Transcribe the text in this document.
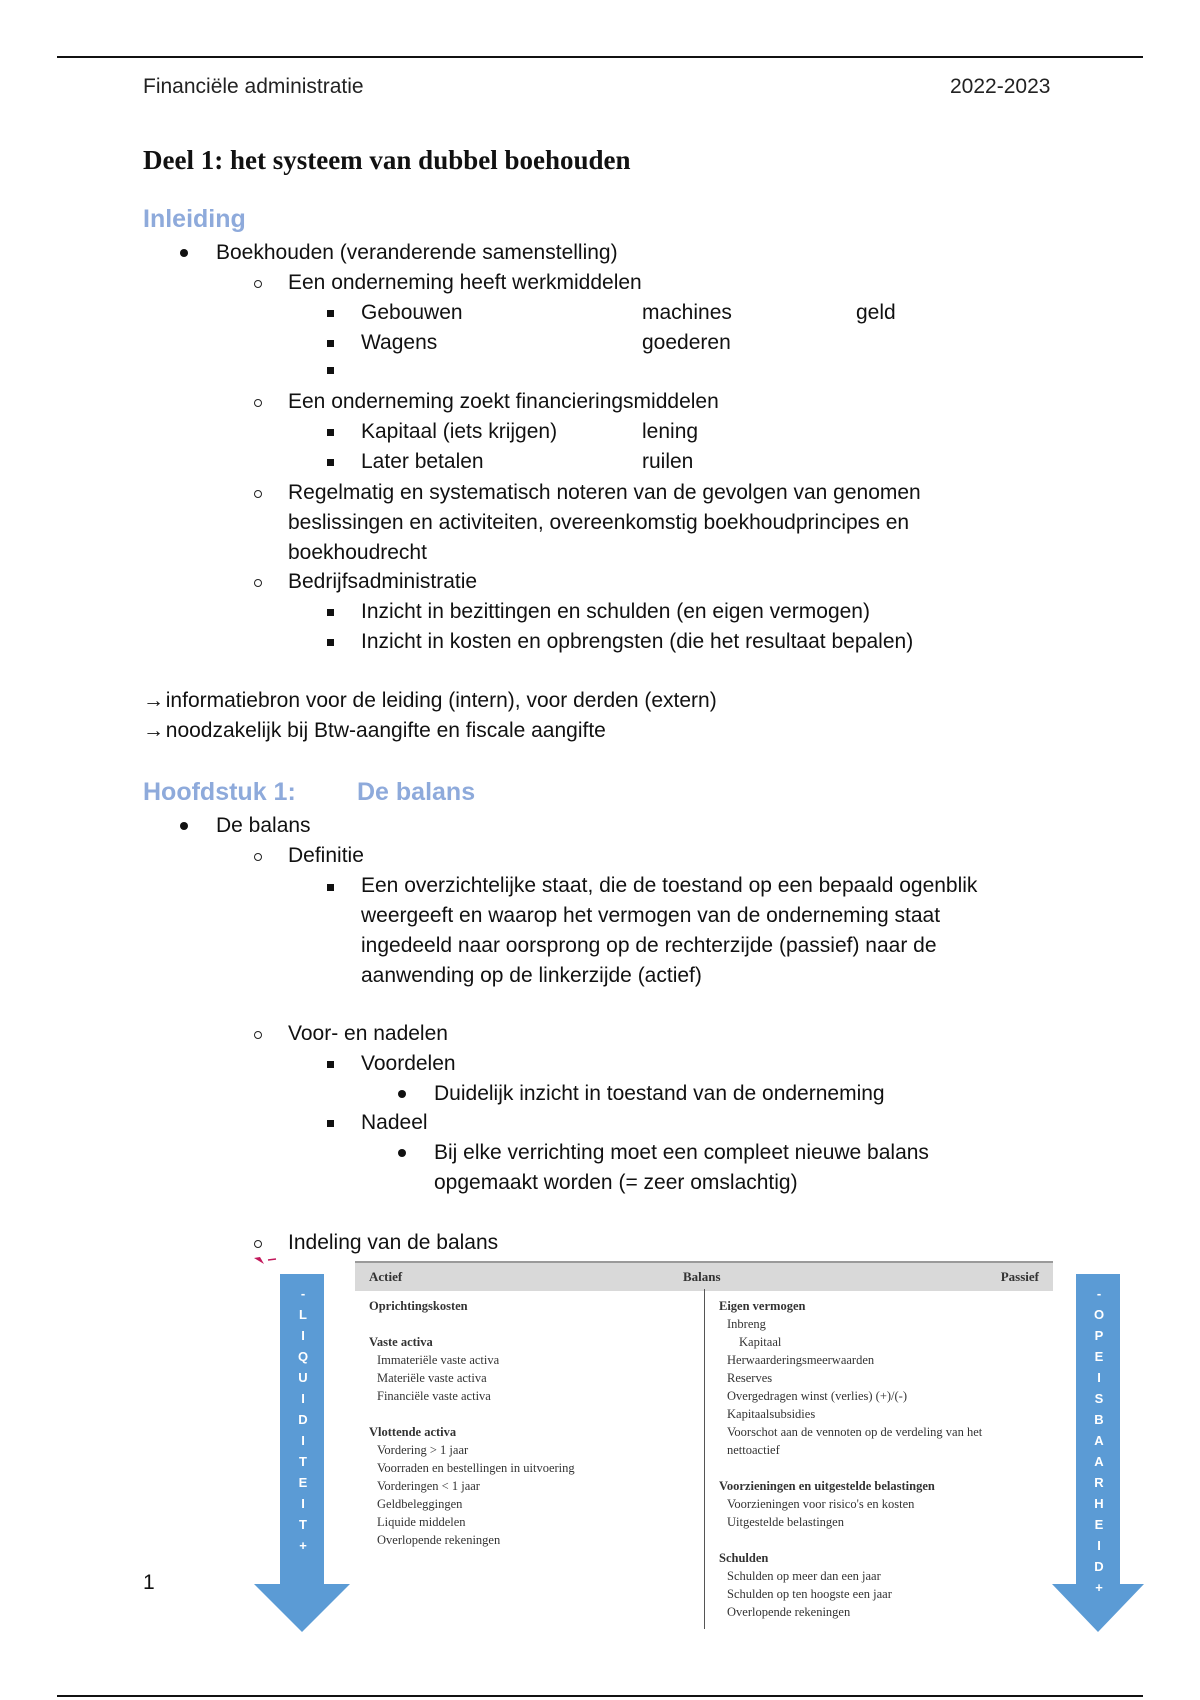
Financiële administratie	2022-2023
Deel 1: het systeem van dubbel boehouden
Inleiding
Boekhouden (veranderende samenstelling)
Een onderneming heeft werkmiddelen
Gebouwen	machines	geld
Wagens	goederen
Een onderneming zoekt financieringsmiddelen
Kapitaal (iets krijgen)	lening
Later betalen	ruilen
Regelmatig en systematisch noteren van de gevolgen van genomen beslissingen en activiteiten, overeenkomstig boekhoudprincipes en boekhoudrecht
Bedrijfsadministratie
Inzicht in bezittingen en schulden (en eigen vermogen)
Inzicht in kosten en opbrengsten (die het resultaat bepalen)
→ informatiebron voor de leiding (intern), voor derden (extern)
→ noodzakelijk bij Btw-aangifte en fiscale aangifte
Hoofdstuk 1: De balans
De balans
Definitie
Een overzichtelijke staat, die de toestand op een bepaald ogenblik weergeeft en waarop het vermogen van de onderneming staat ingedeeld naar oorsprong op de rechterzijde (passief) naar de aanwending op de linkerzijde (actief)
Voor- en nadelen
Voordelen
Duidelijk inzicht in toestand van de onderneming
Nadeel
Bij elke verrichting moet een compleet nieuwe balans opgemaakt worden (= zeer omslachtig)
Indeling van de balans
-
L
I
Q
U
I
D
I
T
E
I
T
+
-
O
P
E
I
S
B
A
A
R
H
E
I
D
+
Actief	Balans	Passief
Oprichtingskosten
Vaste activa
Immateriële vaste activa
Materiële vaste activa
Financiële vaste activa
Vlottende activa
Vordering > 1 jaar
Voorraden en bestellingen in uitvoering
Vorderingen < 1 jaar
Geldbeleggingen
Liquide middelen
Overlopende rekeningen
Eigen vermogen
Inbreng
Kapitaal
Herwaarderingsmeerwaarden
Reserves
Overgedragen winst (verlies) (+)/(-)
Kapitaalsubsidies
Voorschot aan de vennoten op de verdeling van het
nettoactief
Voorzieningen en uitgestelde belastingen
Voorzieningen voor risico's en kosten
Uitgestelde belastingen
Schulden
Schulden op meer dan een jaar
Schulden op ten hoogste een jaar
Overlopende rekeningen
1
